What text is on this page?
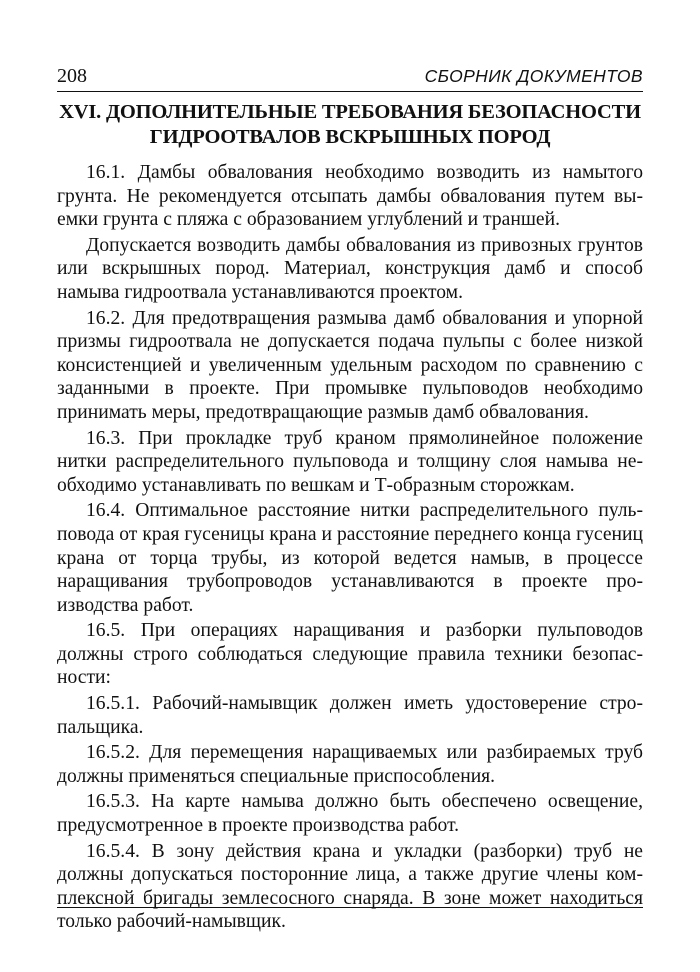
208	СБОРНИК ДОКУМЕНТОВ
XVI. ДОПОЛНИТЕЛЬНЫЕ ТРЕБОВАНИЯ БЕЗОПАСНОСТИ
ГИДРООТВАЛОВ ВСКРЫШНЫХ ПОРОД

16.1. Дамбы обвалования необходимо возводить из намытого грунта. Не рекомендуется отсыпать дамбы обвалования путем выемки грунта с пляжа с образованием углублений и траншей.

Допускается возводить дамбы обвалования из привозных грунтов или вскрышных пород. Материал, конструкция дамб и способ намыва гидроотвала устанавливаются проектом.

16.2. Для предотвращения размыва дамб обвалования и упорной призмы гидроотвала не допускается подача пульпы с более низкой консистенцией и увеличенным удельным расходом по сравнению с заданными в проекте. При промывке пульповодов необходимо принимать меры, предотвращающие размыв дамб обвалования.

16.3. При прокладке труб краном прямолинейное положение нитки распределительного пульповода и толщину слоя намыва необходимо устанавливать по вешкам и Т-образным сторожкам.

16.4. Оптимальное расстояние нитки распределительного пульповода от края гусеницы крана и расстояние переднего конца гусениц крана от торца трубы, из которой ведется намыв, в процессе наращивания трубопроводов устанавливаются в проекте производства работ.

16.5. При операциях наращивания и разборки пульповодов должны строго соблюдаться следующие правила техники безопасности:

16.5.1. Рабочий-намывщик должен иметь удостоверение стропальщика.

16.5.2. Для перемещения наращиваемых или разбираемых труб должны применяться специальные приспособления.

16.5.3. На карте намыва должно быть обеспечено освещение, предусмотренное в проекте производства работ.

16.5.4. В зону действия крана и укладки (разборки) труб не должны допускаться посторонние лица, а также другие члены комплексной бригады землесосного снаряда. В зоне может находиться только рабочий-намывщик.
